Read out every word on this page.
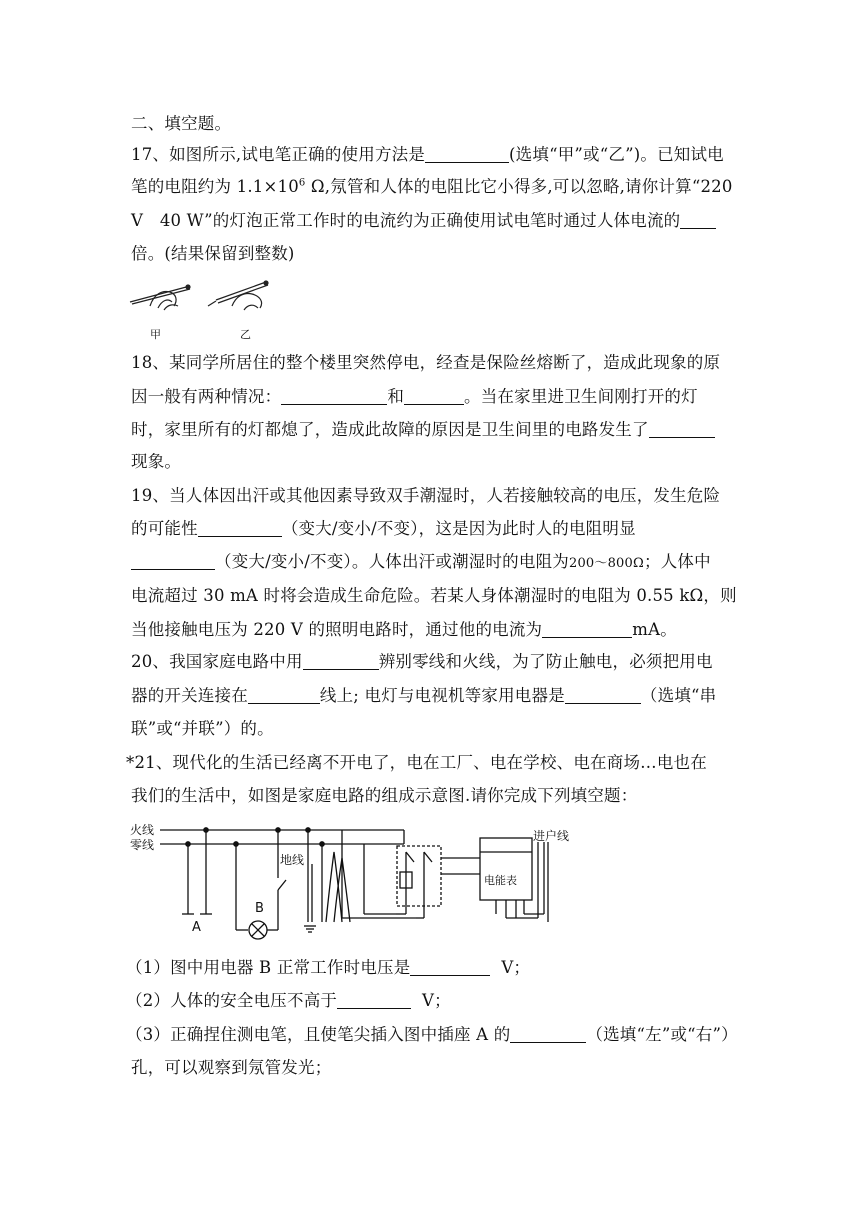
二、填空题。
17、如图所示,试电笔正确的使用方法是	(选填“甲”或“乙”)。已知试电
笔的电阻约为 $1.1\times 10^6$ Ω,氖管和人体的电阻比它小得多,可以忽略,请你计算“220
V　40 W”的灯泡正常工作时的电流约为正确使用试电笔时通过人体电流的
倍。(结果保留到整数)
甲	乙
18、某同学所居住的整个楼里突然停电，经查是保险丝熔断了，造成此现象的原
因一般有两种情况：	和	。当在家里进卫生间刚打开的灯
时，家里所有的灯都熄了，造成此故障的原因是卫生间里的电路发生了
现象。
19、当人体因出汗或其他因素导致双手潮湿时，人若接触较高的电压，发生危险
的可能性	（变大/变小/不变），这是因为此时人的电阻明显
（变大/变小/不变）。人体出汗或潮湿时的电阻为200～800Ω；人体中
电流超过 30 mA 时将会造成生命危险。若某人身体潮湿时的电阻为 0.55 kΩ，则
当他接触电压为 220 V 的照明电路时，通过他的电流为	mA。
20、我国家庭电路中用	辨别零线和火线，为了防止触电，必须把用电
器的开关连接在	线上; 电灯与电视机等家用电器是	（选填“串
联”或“并联”）的。
*21、现代化的生活已经离不开电了，电在工厂、电在学校、电在商场…电也在
我们的生活中，如图是家庭电路的组成示意图.请你完成下列填空题：
火线
零线
地线
进户线
A
B
电能表
（1）图中用电器 B 正常工作时电压是	V；
（2）人体的安全电压不高于	V；
（3）正确捏住测电笔，且使笔尖插入图中插座 A 的	（选填“左”或“右”）
孔，可以观察到氖管发光；
